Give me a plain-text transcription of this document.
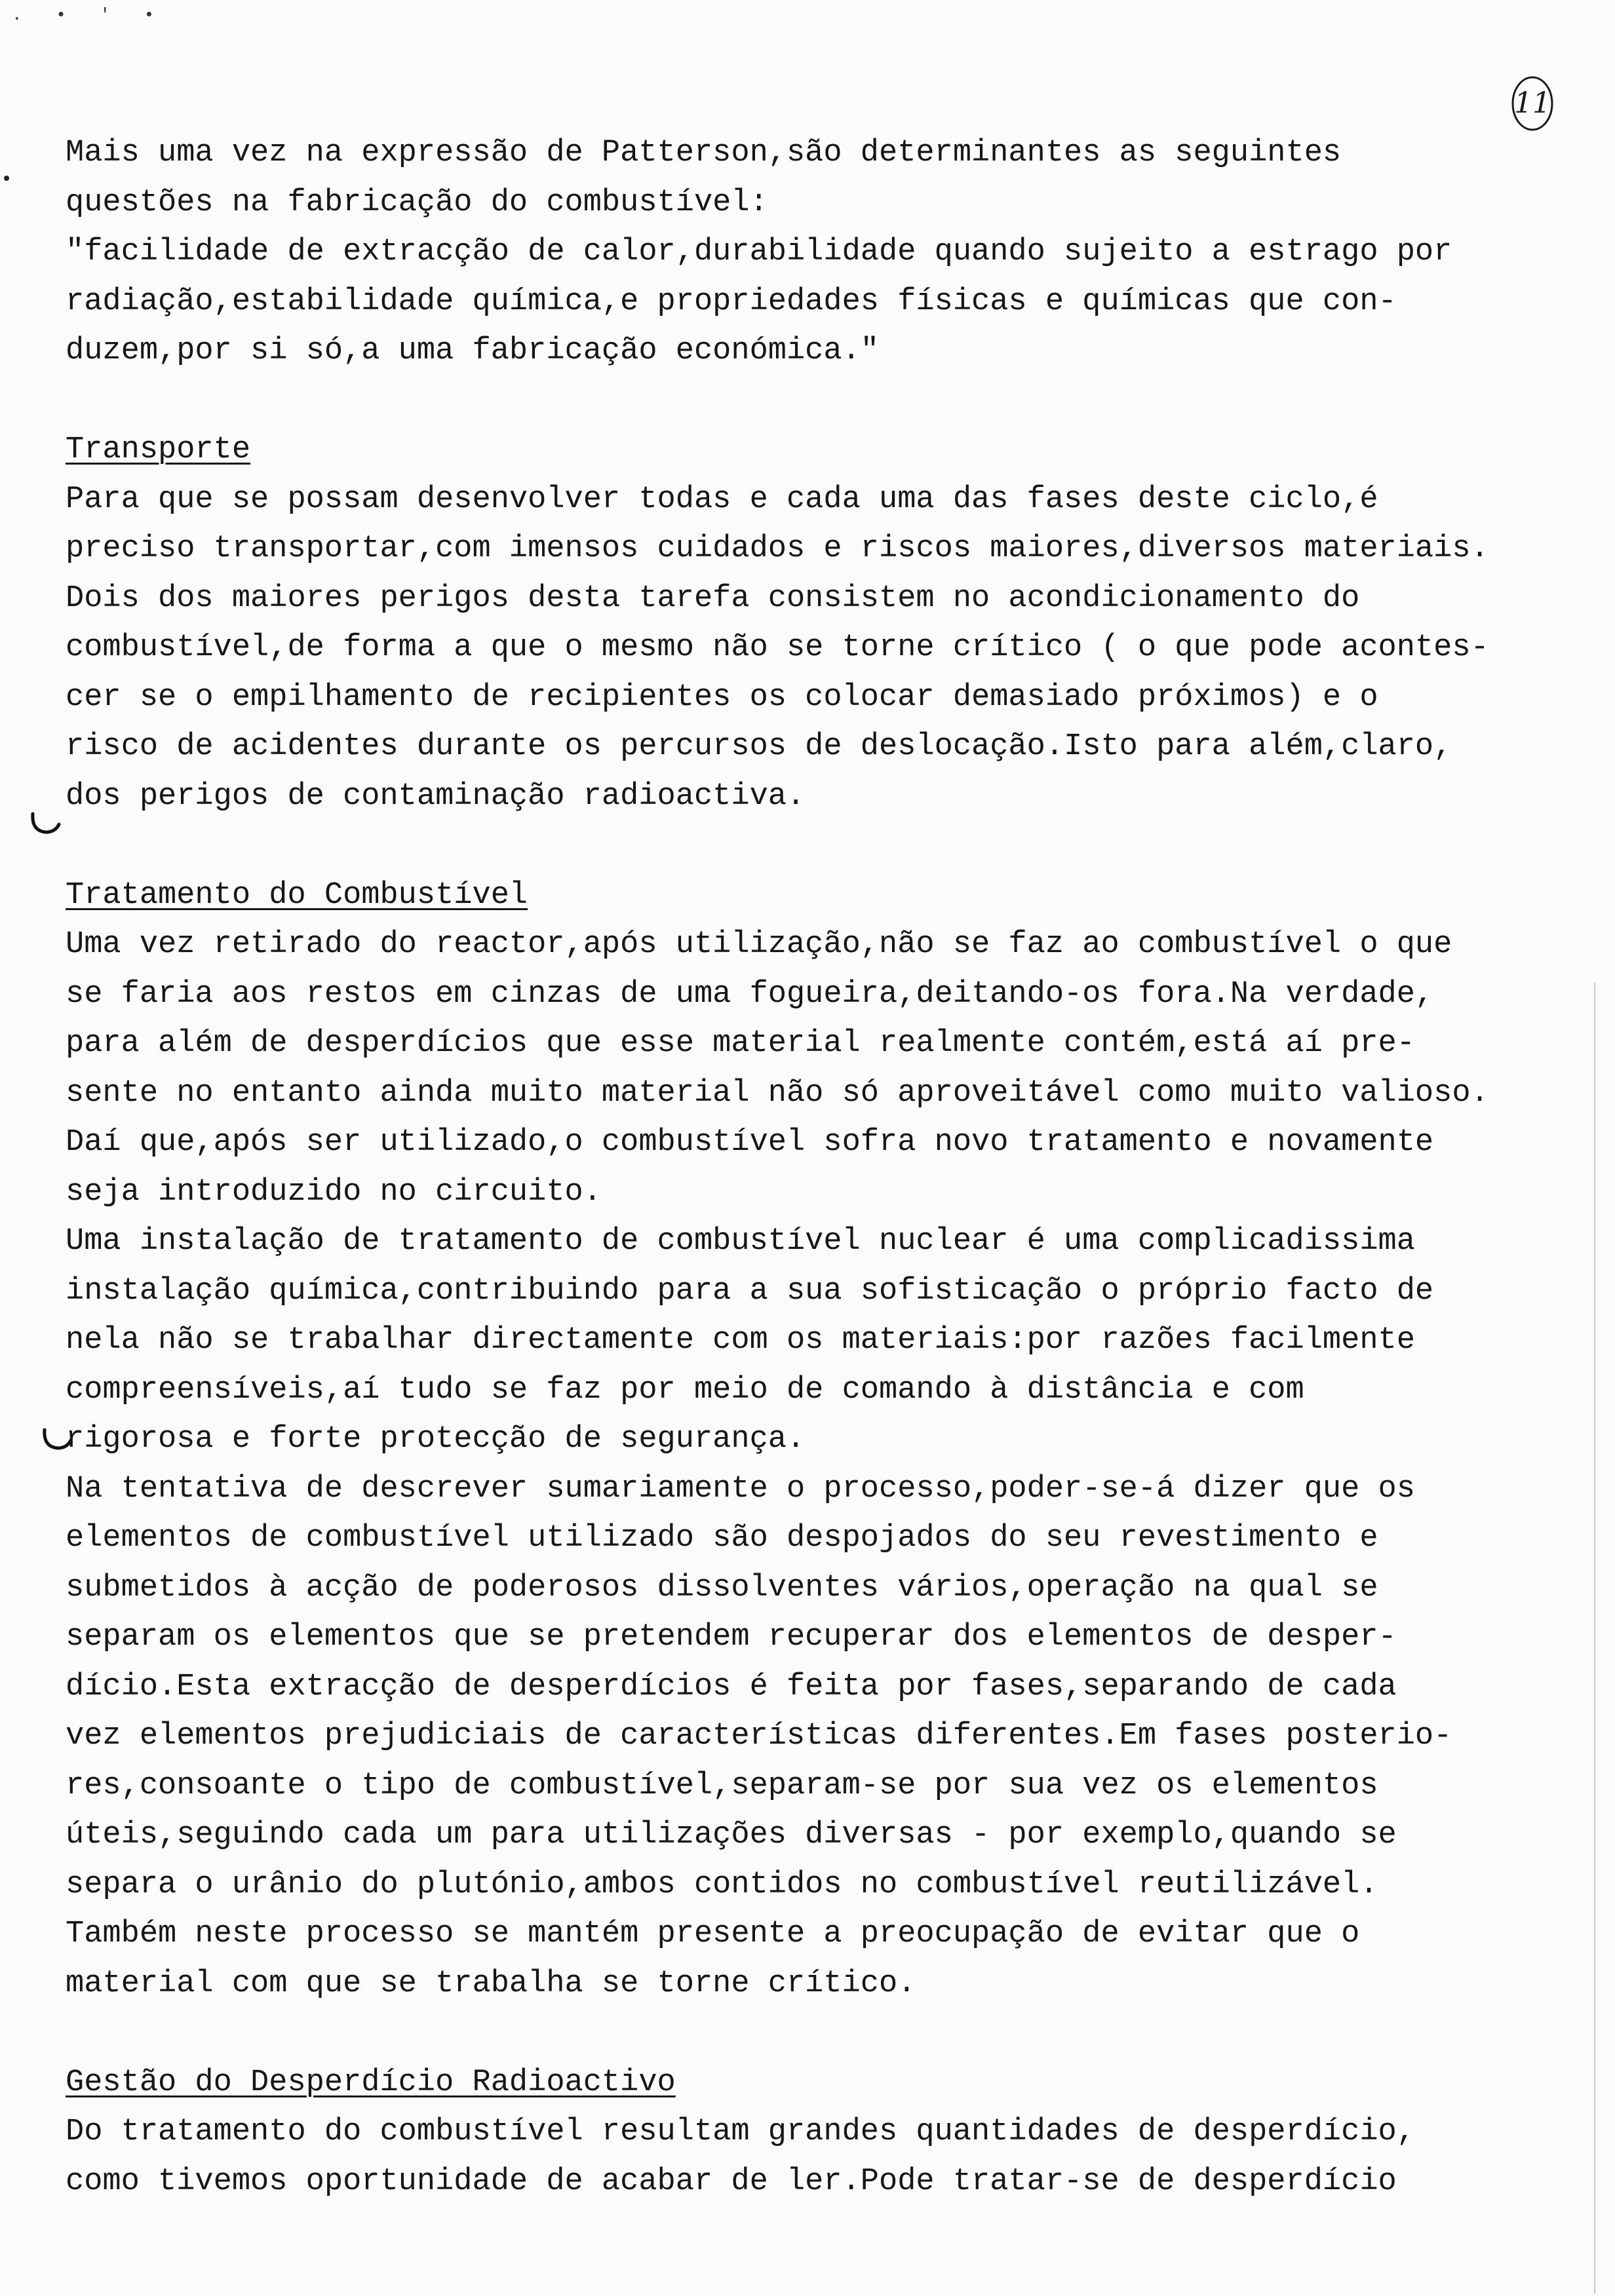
. • ' •
11
Mais uma vez na expressão de Patterson,são determinantes as seguintes
questões na fabricação do combustível:
"facilidade de extracção de calor,durabilidade quando sujeito a estrago por
radiação,estabilidade química,e propriedades físicas e químicas que con-
duzem,por si só,a uma fabricação económica."
Transporte
Para que se possam desenvolver todas e cada uma das fases deste ciclo,é
preciso transportar,com imensos cuidados e riscos maiores,diversos materiais.
Dois dos maiores perigos desta tarefa consistem no acondicionamento do
combustível,de forma a que o mesmo não se torne crítico ( o que pode acontes-
cer se o empilhamento de recipientes os colocar demasiado próximos) e o
risco de acidentes durante os percursos de deslocação.Isto para além,claro,
dos perigos de contaminação radioactiva.
Tratamento do Combustível
Uma vez retirado do reactor,após utilização,não se faz ao combustível o que
se faria aos restos em cinzas de uma fogueira,deitando-os fora.Na verdade,
para além de desperdícios que esse material realmente contém,está aí pre-
sente no entanto ainda muito material não só aproveitável como muito valioso.
Daí que,após ser utilizado,o combustível sofra novo tratamento e novamente
seja introduzido no circuito.
Uma instalação de tratamento de combustível nuclear é uma complicadissima
instalação química,contribuindo para a sua sofisticação o próprio facto de
nela não se trabalhar directamente com os materiais:por razões facilmente
compreensíveis,aí tudo se faz por meio de comando à distância e com
rigorosa e forte protecção de segurança.
Na tentativa de descrever sumariamente o processo,poder-se-á dizer que os
elementos de combustível utilizado são despojados do seu revestimento e
submetidos à acção de poderosos dissolventes vários,operação na qual se
separam os elementos que se pretendem recuperar dos elementos de desper-
dício.Esta extracção de desperdícios é feita por fases,separando de cada
vez elementos prejudiciais de características diferentes.Em fases posterio-
res,consoante o tipo de combustível,separam-se por sua vez os elementos
úteis,seguindo cada um para utilizações diversas - por exemplo,quando se
separa o urânio do plutónio,ambos contidos no combustível reutilizável.
Também neste processo se mantém presente a preocupação de evitar que o
material com que se trabalha se torne crítico.
Gestão do Desperdício Radioactivo
Do tratamento do combustível resultam grandes quantidades de desperdício,
como tivemos oportunidade de acabar de ler.Pode tratar-se de desperdício
